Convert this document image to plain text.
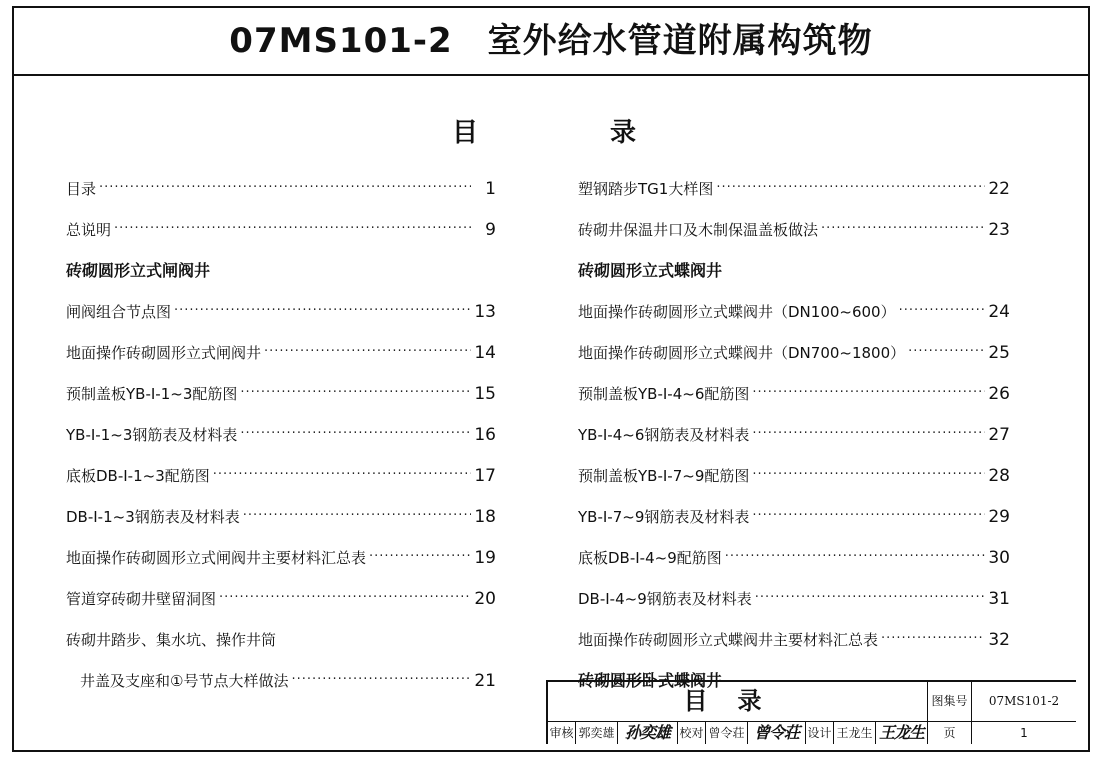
07MS101-2　室外给水管道附属构筑物
目	录
目录 ·····	1
总说明 ·····	9
砖砌圆形立式闸阀井
闸阀组合节点图 ·····	13
地面操作砖砌圆形立式闸阀井 ·····	14
预制盖板YB-Ⅰ-1~3配筋图 ·····	15
YB-Ⅰ-1~3钢筋表及材料表 ·····	16
底板DB-Ⅰ-1~3配筋图 ·····	17
DB-Ⅰ-1~3钢筋表及材料表 ·····	18
地面操作砖砌圆形立式闸阀井主要材料汇总表 ·····	19
管道穿砖砌井壁留洞图 ·····	20
砖砌井踏步、集水坑、操作井筒
井盖及支座和①号节点大样做法 ·····	21
塑钢踏步TG1大样图 ·····	22
砖砌井保温井口及木制保温盖板做法 ·····	23
砖砌圆形立式蝶阀井
地面操作砖砌圆形立式蝶阀井（DN100~600） ·····	24
地面操作砖砌圆形立式蝶阀井（DN700~1800） ·····	25
预制盖板YB-Ⅰ-4~6配筋图 ·····	26
YB-Ⅰ-4~6钢筋表及材料表 ·····	27
预制盖板YB-Ⅰ-7~9配筋图 ·····	28
YB-Ⅰ-7~9钢筋表及材料表 ·····	29
底板DB-Ⅰ-4~9配筋图 ·····	30
DB-Ⅰ-4~9钢筋表及材料表 ·····	31
地面操作砖砌圆形立式蝶阀井主要材料汇总表 ·····	32
砖砌圆形卧式蝶阀井
目录	图集号	07MS101-2
审核 郭奕雄 孙奕雄 校对 曾令荘 曾令荘 设计 王龙生 王龙生	页	1
